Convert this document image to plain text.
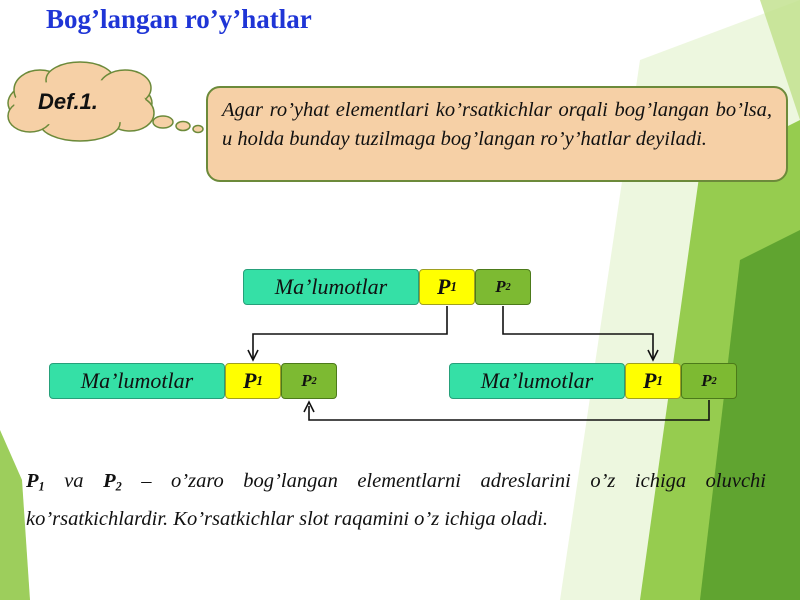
Bog’langan ro’y’hatlar
Def.1.	Agar ro’yhat elementlari ko’rsatkichlar orqali bog’langan bo’lsa, u holda bunday tuzilmaga bog’langan ro’y’hatlar deyiladi.
Ma’lumotlar	P 1 P 2
Ma’lumotlar	P 1 P 2	Ma’lumotlar	P 1 P 2
$P_1$ va $P_2$ – o’zaro bog’langan elementlarni adreslarini o’z ichiga oluvchi ko’rsatkichlardir. Ko’rsatkichlar slot raqamini o’z ichiga oladi.
